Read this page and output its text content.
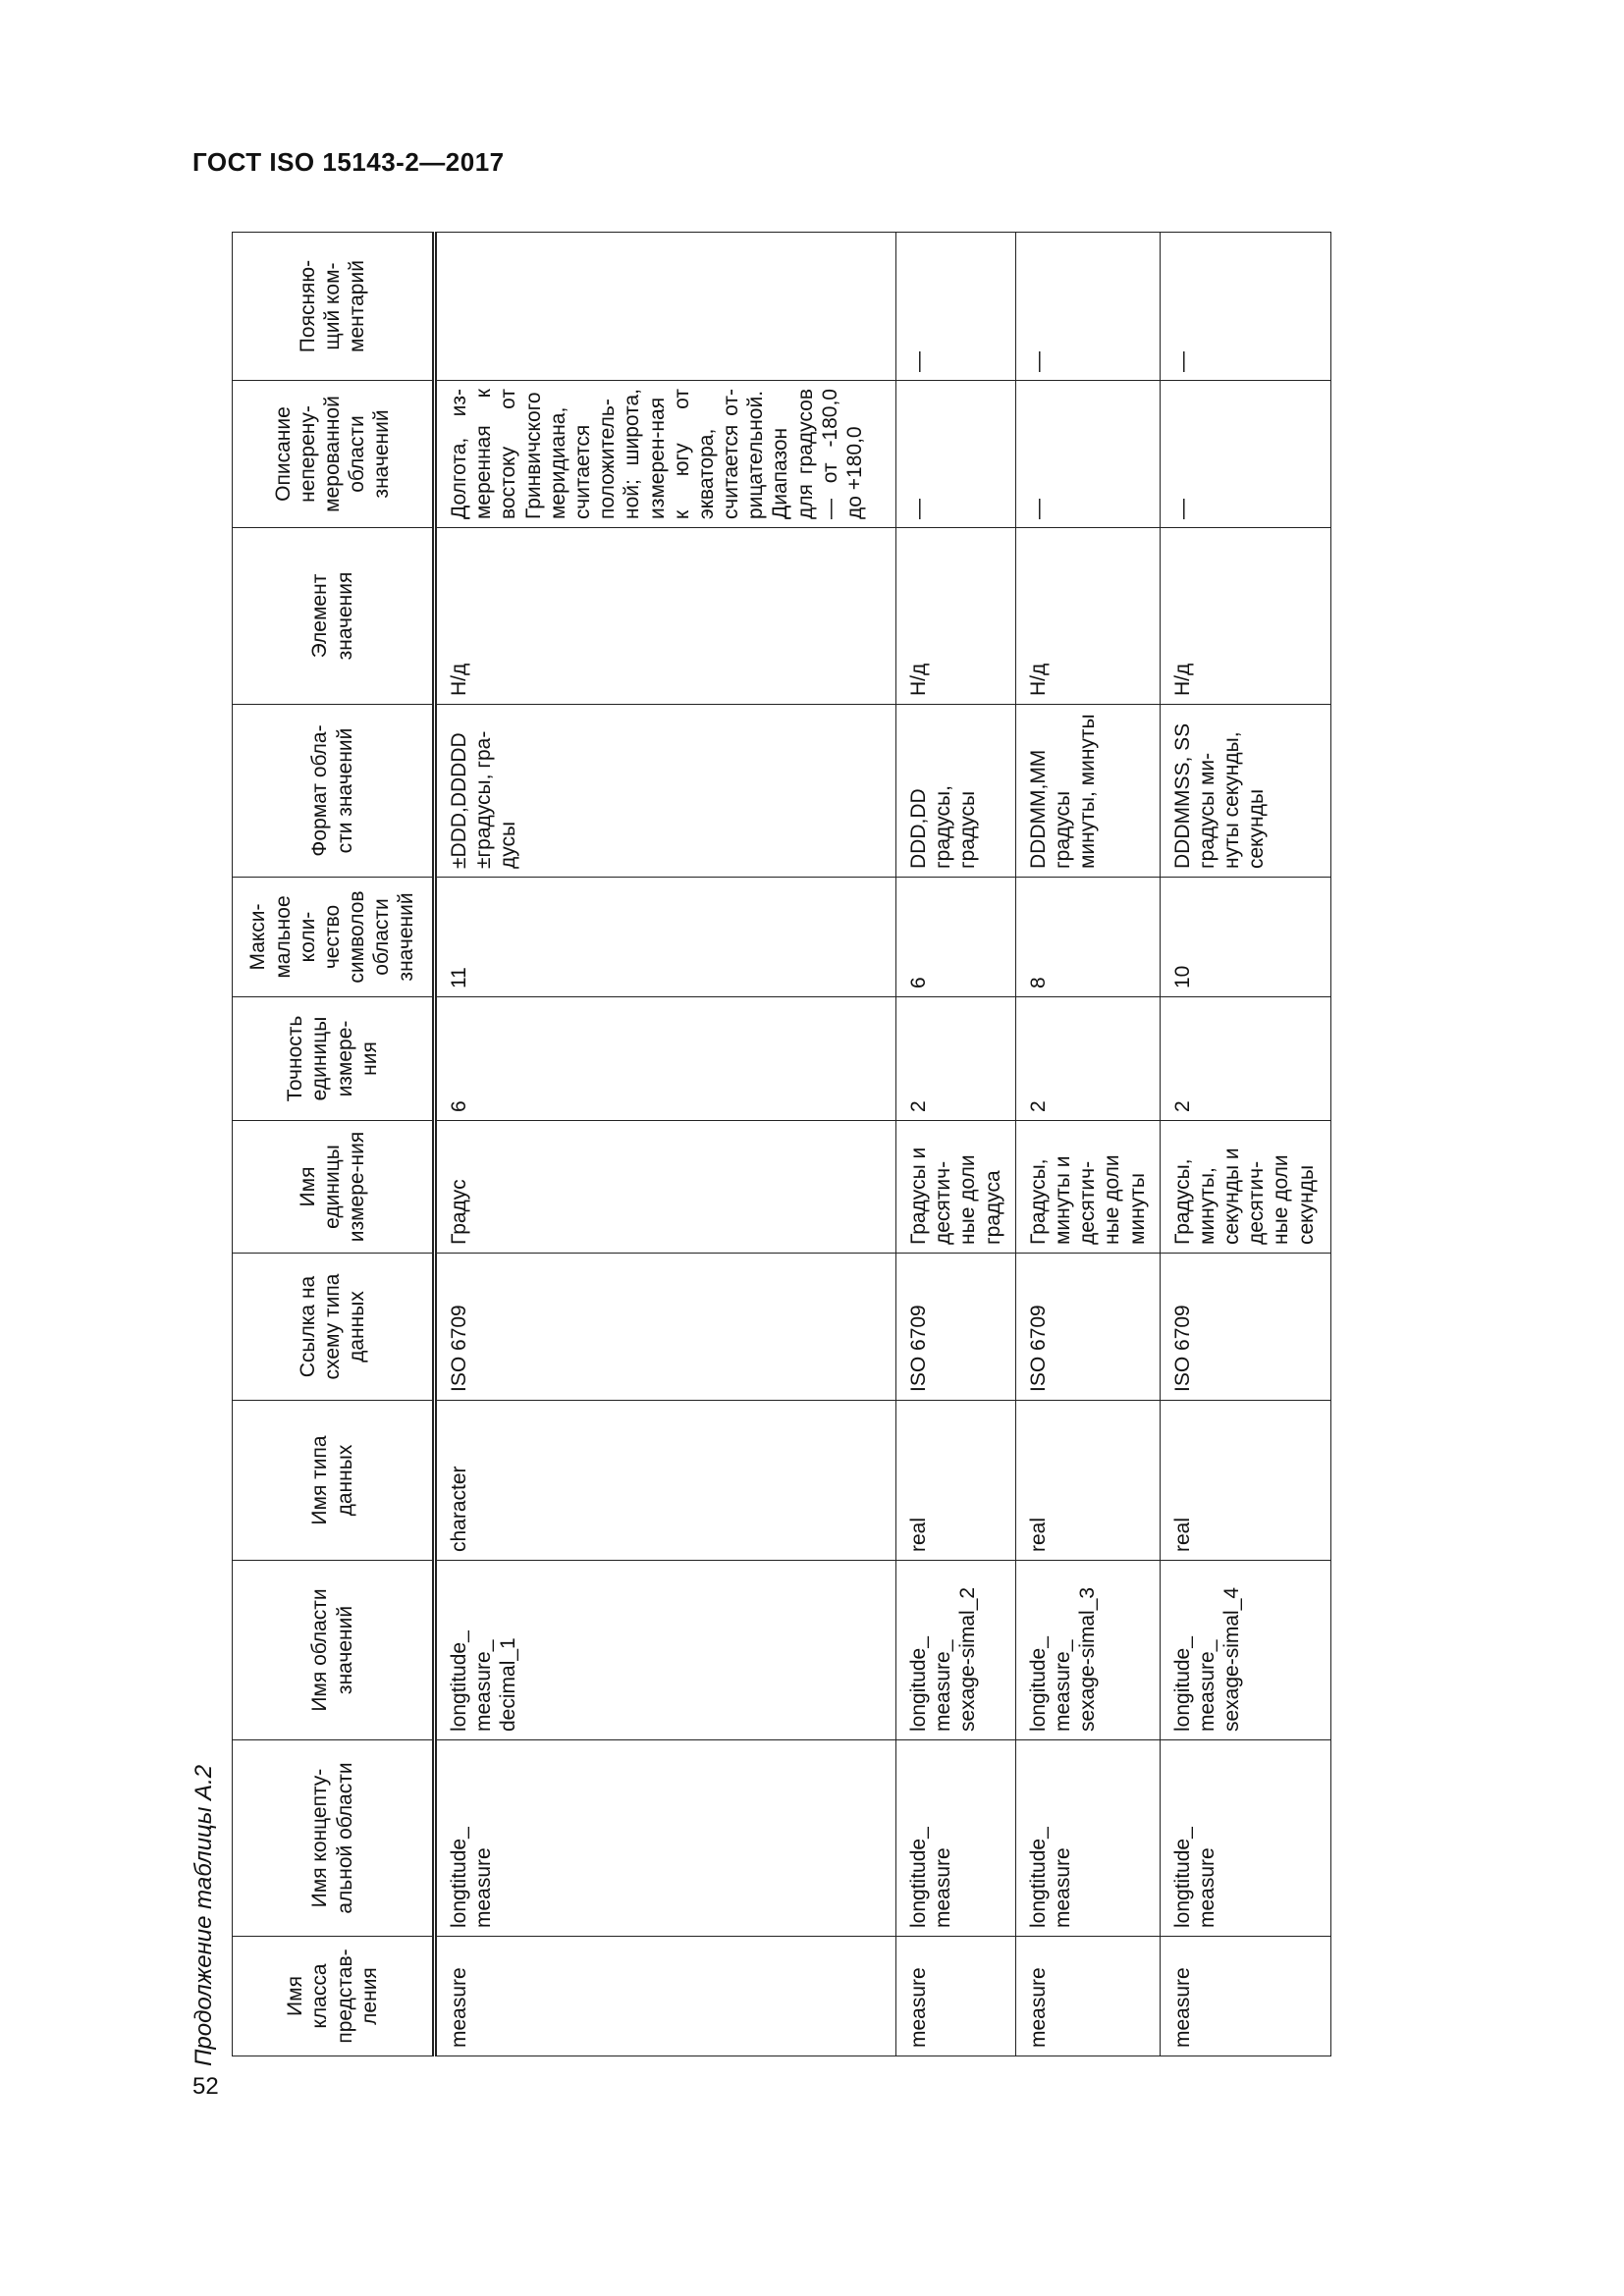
ГОСТ ISO 15143-2—2017
Продолжение таблицы А.2
52
Имя класса представ-ления	Имя концепту-альной области	Имя области значений	Имя типа данных	Ссылка на схему типа данных	Имя единицы измере-ния	Точность единицы измере-ния	Макси-мальное коли-чество символов области значений	Формат обла-сти значений	Элемент значения	Описание неперену-мерованной области значений	Поясняю-щий ком-ментарий
measure	longtitude_ measure	longtitude_ measure_ decimal_1	character	ISO 6709	Градус	6	11	±DDD,DDDDD ±градусы, гра-дусы	Н/д	Долгота, из-меренная к востоку от Гринвичского меридиана, считается положитель-ной; широта, измерен-ная к югу от экватора, считается от-рицательной. Диапазон для градусов — от -180,0 до +180,0	
measure	longtitude_ measure	longitude_ measure_ sexage-simal_2	real	ISO 6709	Градусы и десятич-ные доли градуса	2	6	DDD,DD градусы, градусы	Н/д	—	—
measure	longtitude_ measure	longitude_ measure_ sexage-simal_3	real	ISO 6709	Градусы, минуты и десятич-ные доли минуты	2	8	DDDMM,MM градусы минуты, минуты	Н/д	—	—
measure	longtitude_ measure	longitude_ measure_ sexage-simal_4	real	ISO 6709	Градусы, минуты, секунды и десятич-ные доли секунды	2	10	DDDMMSS, SS градусы ми-нуты секунды, секунды	Н/д	—	—
